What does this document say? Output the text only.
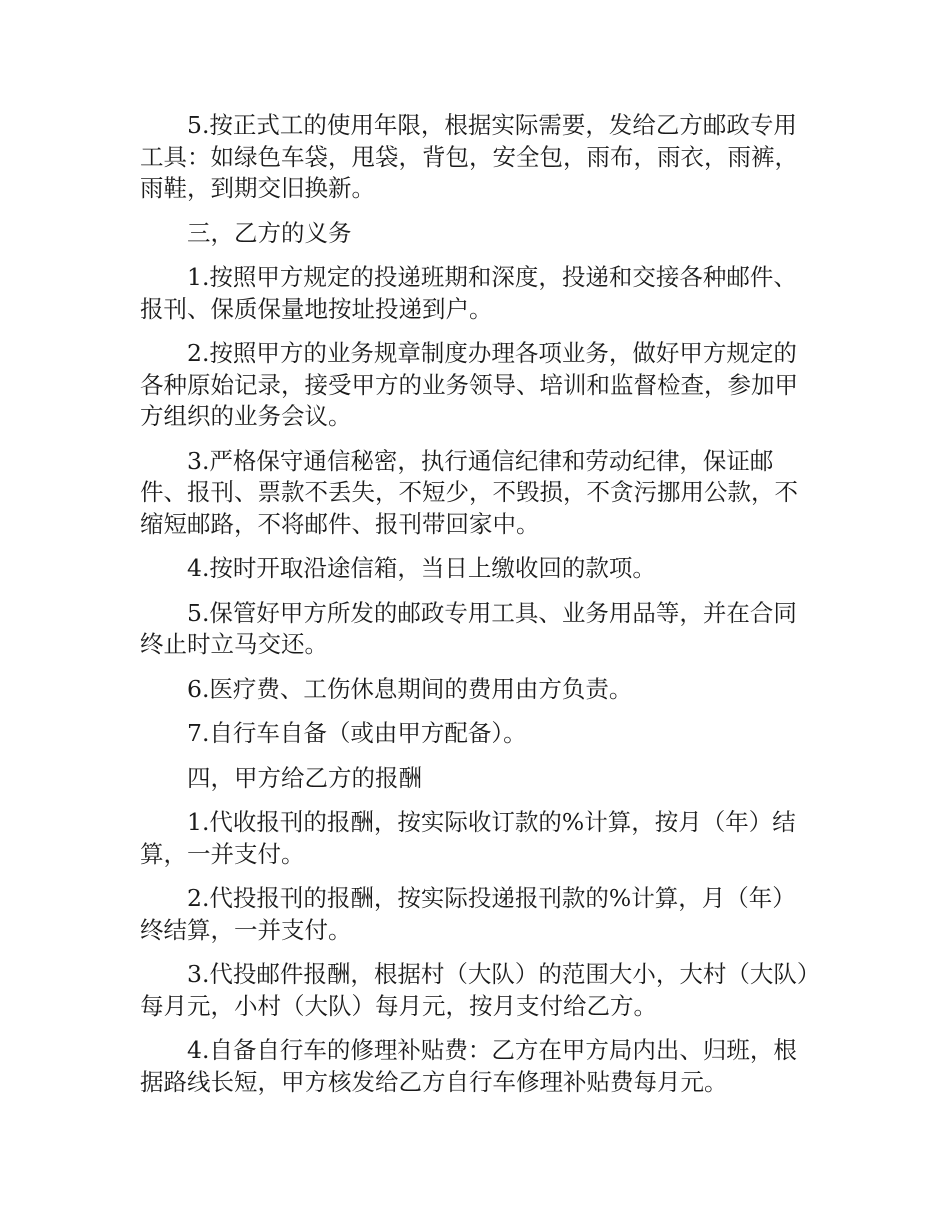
5.按正式工的使用年限，根据实际需要，发给乙方邮政专用工具：如绿色车袋，甩袋，背包，安全包，雨布，雨衣，雨裤，雨鞋，到期交旧换新。

三，乙方的义务

1.按照甲方规定的投递班期和深度，投递和交接各种邮件、报刊、保质保量地按址投递到户。

2.按照甲方的业务规章制度办理各项业务，做好甲方规定的各种原始记录，接受甲方的业务领导、培训和监督检查，参加甲方组织的业务会议。

3.严格保守通信秘密，执行通信纪律和劳动纪律，保证邮件、报刊、票款不丢失，不短少，不毁损，不贪污挪用公款，不缩短邮路，不将邮件、报刊带回家中。

4.按时开取沿途信箱，当日上缴收回的款项。

5.保管好甲方所发的邮政专用工具、业务用品等，并在合同终止时立马交还。

6.医疗费、工伤休息期间的费用由方负责。

7.自行车自备（或由甲方配备）。

四，甲方给乙方的报酬

1.代收报刊的报酬，按实际收订款的%计算，按月（年）结算，一并支付。

2.代投报刊的报酬，按实际投递报刊款的%计算，月（年）终结算，一并支付。

3.代投邮件报酬，根据村（大队）的范围大小，大村（大队）每月元，小村（大队）每月元，按月支付给乙方。

4.自备自行车的修理补贴费：乙方在甲方局内出、归班，根据路线长短，甲方核发给乙方自行车修理补贴费每月元。
